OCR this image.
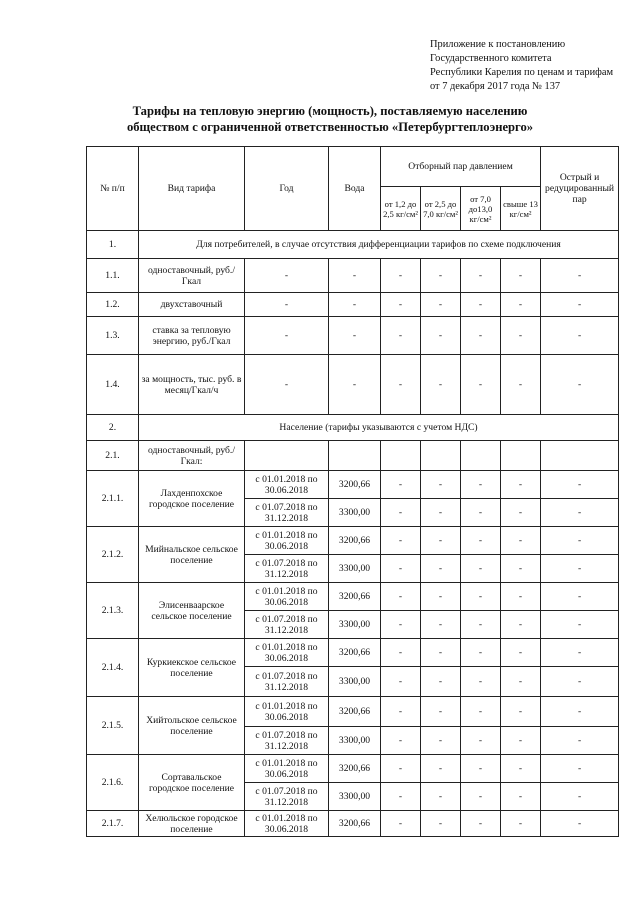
Приложение к постановлению
Государственного комитета
Республики Карелия по ценам и тарифам
от 7 декабря 2017 года № 137
Тарифы на тепловую энергию (мощность), поставляемую населению
обществом с ограниченной ответственностью «Петербургтеплоэнерго»
№ п/п	Вид тарифа	Год	Вода	Отборный пар давлением				Острый и редуцированный пар
				от 1,2 до 2,5 кг/см²	от 2,5 до 7,0 кг/см²	от 7,0 до13,0 кг/см²	свыше 13 кг/см²	
1.	Для потребителей, в случае отсутствия дифференциации тарифов по схеме подключения							
1.1.	одноставочный, руб./Гкал	-	-	-	-	-	-	-
1.2.	двухставочный	-	-	-	-	-	-	-
1.3.	ставка за тепловую энергию, руб./Гкал	-	-	-	-	-	-	-
1.4.	за мощность, тыс. руб. в месяц/Гкал/ч	-	-	-	-	-	-	-
2.	Население (тарифы указываются с учетом НДС)							
2.1.	одноставочный, руб./Гкал:							
2.1.1.	Лахденпохское городское поселение	с 01.01.2018 по 30.06.2018	3200,66	-	-	-	-	-
		с 01.07.2018 по 31.12.2018	3300,00	-	-	-	-	-
2.1.2.	Мийнальское сельское поселение	с 01.01.2018 по 30.06.2018	3200,66	-	-	-	-	-
		с 01.07.2018 по 31.12.2018	3300,00	-	-	-	-	-
2.1.3.	Элисенваарское сельское поселение	с 01.01.2018 по 30.06.2018	3200,66	-	-	-	-	-
		с 01.07.2018 по 31.12.2018	3300,00	-	-	-	-	-
2.1.4.	Куркиекское сельское поселение	с 01.01.2018 по 30.06.2018	3200,66	-	-	-	-	-
		с 01.07.2018 по 31.12.2018	3300,00	-	-	-	-	-
2.1.5.	Хийтольское сельское поселение	с 01.01.2018 по 30.06.2018	3200,66	-	-	-	-	-
		с 01.07.2018 по 31.12.2018	3300,00	-	-	-	-	-
2.1.6.	Сортавальское городское поселение	с 01.01.2018 по 30.06.2018	3200,66	-	-	-	-	-
		с 01.07.2018 по 31.12.2018	3300,00	-	-	-	-	-
2.1.7.	Хелюльское городское поселение	с 01.01.2018 по 30.06.2018	3200,66	-	-	-	-	-
